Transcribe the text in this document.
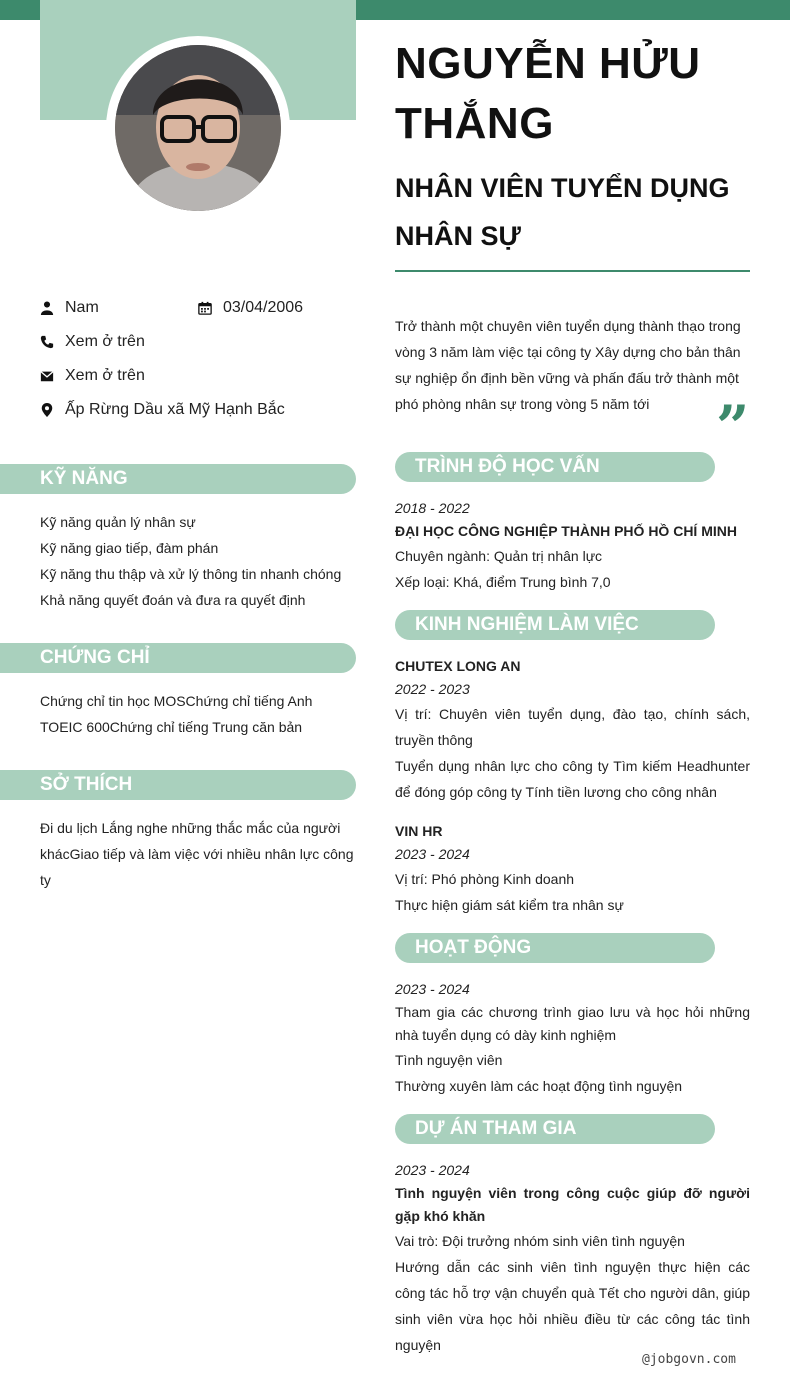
NGUYỄN HỬU THẮNG
NHÂN VIÊN TUYỂN DỤNG NHÂN SỰ
Nam	03/04/2006
Xem ở trên
Xem ở trên
Ấp Rừng Dầu xã Mỹ Hạnh Bắc
KỸ NĂNG
Kỹ năng quản lý nhân sự
Kỹ năng giao tiếp, đàm phán
Kỹ năng thu thập và xử lý thông tin nhanh chóng
Khả năng quyết đoán và đưa ra quyết định
CHỨNG CHỈ
Chứng chỉ tin học MOSChứng chỉ tiếng Anh TOEIC 600Chứng chỉ tiếng Trung căn bản
SỞ THÍCH
Đi du lịch Lắng nghe những thắc mắc của người khácGiao tiếp và làm việc với nhiều nhân lực công ty
Trở thành một chuyên viên tuyển dụng thành thạo trong vòng 3 năm làm việc tại công ty Xây dựng cho bản thân sự nghiệp ổn định bền vững và phấn đấu trở thành một phó phòng nhân sự trong vòng 5 năm tới	”
TRÌNH ĐỘ HỌC VẤN
2018 - 2022
ĐẠI HỌC CÔNG NGHIỆP THÀNH PHỐ HỒ CHÍ MINH
Chuyên ngành: Quản trị nhân lực
Xếp loại: Khá, điểm Trung bình 7,0
KINH NGHIỆM LÀM VIỆC
CHUTEX LONG AN
2022 - 2023
Vị trí: Chuyên viên tuyển dụng, đào tạo, chính sách, truyền thông
Tuyển dụng nhân lực cho công ty Tìm kiếm Headhunter để đóng góp công ty Tính tiền lương cho công nhân
VIN HR
2023 - 2024
Vị trí: Phó phòng Kinh doanh
Thực hiện giám sát kiểm tra nhân sự
HOẠT ĐỘNG
2023 - 2024
Tham gia các chương trình giao lưu và học hỏi những nhà tuyển dụng có dày kinh nghiệm
Tình nguyện viên
Thường xuyên làm các hoạt động tình nguyện
DỰ ÁN THAM GIA
2023 - 2024
Tình nguyện viên trong công cuộc giúp đỡ người gặp khó khăn
Vai trò: Đội trưởng nhóm sinh viên tình nguyện
Hướng dẫn các sinh viên tình nguyện thực hiện các công tác hỗ trợ vận chuyển quà Tết cho người dân, giúp sinh viên vừa học hỏi nhiều điều từ các công tác tình nguyện
@jobgovn.com
